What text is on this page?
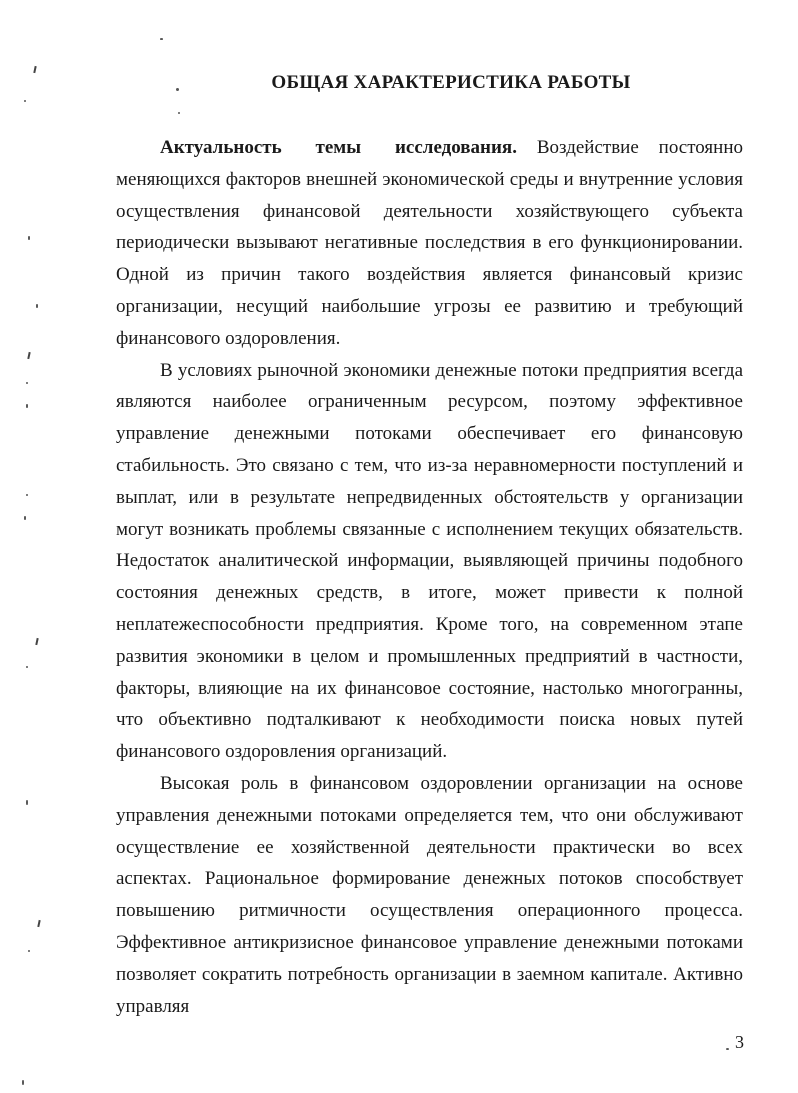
ОБЩАЯ ХАРАКТЕРИСТИКА РАБОТЫ

Актуальность темы исследования. Воздействие постоянно меняющихся факторов внешней экономической среды и внутренние условия осуществления финансовой деятельности хозяйствующего субъекта периодически вызывают негативные последствия в его функционировании. Одной из причин такого воздействия является финансовый кризис организации, несущий наибольшие угрозы ее развитию и требующий финансового оздоровления.

В условиях рыночной экономики денежные потоки предприятия всегда являются наиболее ограниченным ресурсом, поэтому эффективное управление денежными потоками обеспечивает его финансовую стабильность. Это связано с тем, что из-за неравномерности поступлений и выплат, или в результате непредвиденных обстоятельств у организации могут возникать проблемы связанные с исполнением текущих обязательств. Недостаток аналитической информации, выявляющей причины подобного состояния денежных средств, в итоге, может привести к полной неплатежеспособности предприятия. Кроме того, на современном этапе развития экономики в целом и промышленных предприятий в частности, факторы, влияющие на их финансовое состояние, настолько многогранны, что объективно подталкивают к необходимости поиска новых путей финансового оздоровления организаций.

Высокая роль в финансовом оздоровлении организации на основе управления денежными потоками определяется тем, что они обслуживают осуществление ее хозяйственной деятельности практически во всех аспектах. Рациональное формирование денежных потоков способствует повышению ритмичности осуществления операционного процесса. Эффективное антикризисное финансовое управление денежными потоками позволяет сократить потребность организации в заемном капитале. Активно управляя

3
